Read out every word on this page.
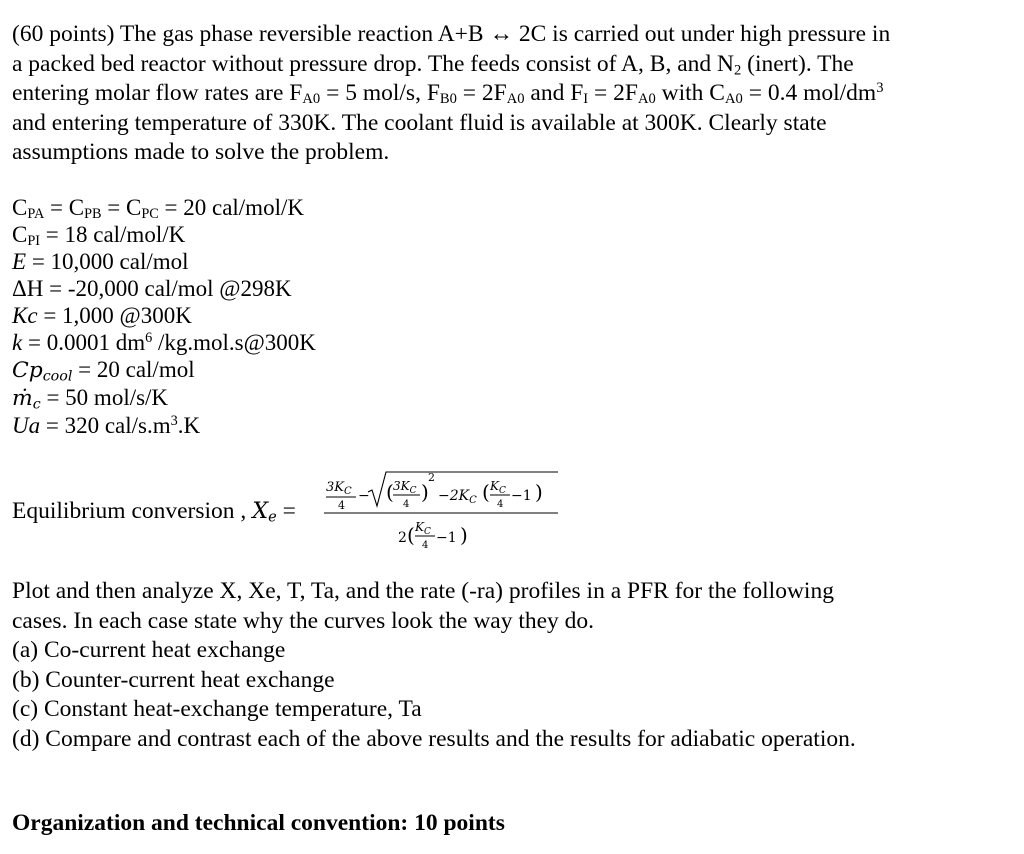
(60 points) The gas phase reversible reaction A+B ↔ 2C is carried out under high pressure in
a packed bed reactor without pressure drop. The feeds consist of A, B, and $N_2$ (inert). The
entering molar flow rates are FA0 = 5 mol/s, FB0 = 2FA0 and FI = 2FA0 with CA0 = 0.4 mol/$dm^3$
and entering temperature of 330K. The coolant fluid is available at 300K. Clearly state
assumptions made to solve the problem.
CPA = CPB = CPC = 20 cal/mol/K
CPI = 18 cal/mol/K
E = 10,000 cal/mol
ΔH = -20,000 cal/mol @298K
Kc = 1,000 @300K
k = 0.0001 $dm^6$ /kg.mol.s@300K
$Cp_{cool} = 20$ cal/mol
ṁ$_c$ = 50 mol/s/K
Ua = 320 cal/$s.m^3.K$
Equilibrium conversion , $X_e$ =
$3K_C$
4
− ( $3K_C$
4
)
2
$-2K_C$ ( $K_C$
4
−1 )
2 ( $K_C$
4 −1 )
Plot and then analyze X, Xe, T, Ta, and the rate (-ra) profiles in a PFR for the following
cases. In each case state why the curves look the way they do.
(a) Co-current heat exchange
(b) Counter-current heat exchange
(c) Constant heat-exchange temperature, Ta
(d) Compare and contrast each of the above results and the results for adiabatic operation.
Organization and technical convention: 10 points
